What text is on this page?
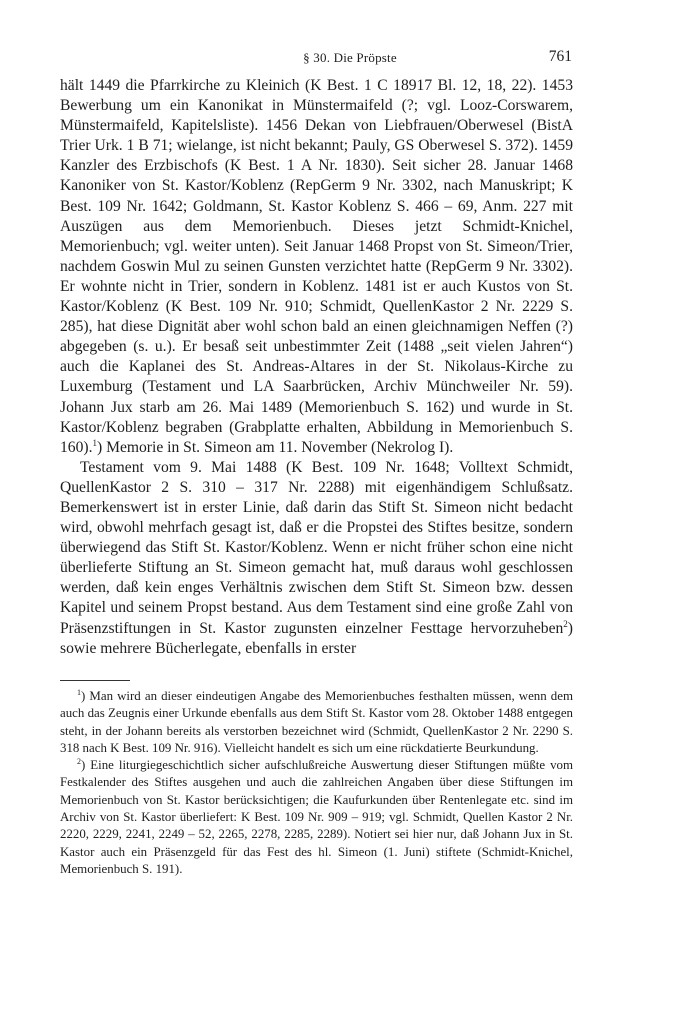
§ 30. Die Pröpste	761

hält 1449 die Pfarrkirche zu Kleinich (K Best. 1 C 18917 Bl. 12, 18, 22). 1453 Bewerbung um ein Kanonikat in Münstermaifeld (?; vgl. Looz-Corswarem, Münstermaifeld, Kapitelsliste). 1456 Dekan von Liebfrauen/Oberwesel (BistA Trier Urk. 1 B 71; wielange, ist nicht bekannt; Pauly, GS Oberwesel S. 372). 1459 Kanzler des Erzbischofs (K Best. 1 A Nr. 1830). Seit sicher 28. Januar 1468 Kanoniker von St. Kastor/Koblenz (RepGerm 9 Nr. 3302, nach Manuskript; K Best. 109 Nr. 1642; Goldmann, St. Kastor Koblenz S. 466 – 69, Anm. 227 mit Auszügen aus dem Memorienbuch. Dieses jetzt Schmidt-Knichel, Memorienbuch; vgl. weiter unten). Seit Januar 1468 Propst von St. Simeon/Trier, nachdem Goswin Mul zu seinen Gunsten verzichtet hatte (RepGerm 9 Nr. 3302). Er wohnte nicht in Trier, sondern in Koblenz. 1481 ist er auch Kustos von St. Kastor/Koblenz (K Best. 109 Nr. 910; Schmidt, QuellenKastor 2 Nr. 2229 S. 285), hat diese Dignität aber wohl schon bald an einen gleichnamigen Neffen (?) abgegeben (s. u.). Er besaß seit unbestimmter Zeit (1488 „seit vielen Jahren“) auch die Kaplanei des St. Andreas-Altares in der St. Nikolaus-Kirche zu Luxemburg (Testament und LA Saarbrücken, Archiv Münchweiler Nr. 59). Johann Jux starb am 26. Mai 1489 (Memorienbuch S. 162) und wurde in St. Kastor/Koblenz begraben (Grabplatte erhalten, Abbildung in Memorienbuch S. 160).$^1$) Memorie in St. Simeon am 11. November (Nekrolog I).

Testament vom 9. Mai 1488 (K Best. 109 Nr. 1648; Volltext Schmidt, QuellenKastor 2 S. 310 – 317 Nr. 2288) mit eigenhändigem Schlußsatz. Bemerkenswert ist in erster Linie, daß darin das Stift St. Simeon nicht bedacht wird, obwohl mehrfach gesagt ist, daß er die Propstei des Stiftes besitze, sondern überwiegend das Stift St. Kastor/Koblenz. Wenn er nicht früher schon eine nicht überlieferte Stiftung an St. Simeon gemacht hat, muß daraus wohl geschlossen werden, daß kein enges Verhältnis zwischen dem Stift St. Simeon bzw. dessen Kapitel und seinem Propst bestand. Aus dem Testament sind eine große Zahl von Präsenzstiftungen in St. Kastor zugunsten einzelner Festtage hervorzuheben$^2$) sowie mehrere Bücherlegate, ebenfalls in erster

$^1$) Man wird an dieser eindeutigen Angabe des Memorienbuches festhalten müssen, wenn dem auch das Zeugnis einer Urkunde ebenfalls aus dem Stift St. Kastor vom 28. Oktober 1488 entgegen steht, in der Johann bereits als verstorben bezeichnet wird (Schmidt, QuellenKastor 2 Nr. 2290 S. 318 nach K Best. 109 Nr. 916). Vielleicht handelt es sich um eine rückdatierte Beurkundung.

$^2$) Eine liturgiegeschichtlich sicher aufschlußreiche Auswertung dieser Stiftungen müßte vom Festkalender des Stiftes ausgehen und auch die zahlreichen Angaben über diese Stiftungen im Memorienbuch von St. Kastor berücksichtigen; die Kaufurkunden über Rentenlegate etc. sind im Archiv von St. Kastor überliefert: K Best. 109 Nr. 909 – 919; vgl. Schmidt, Quellen Kastor 2 Nr. 2220, 2229, 2241, 2249 – 52, 2265, 2278, 2285, 2289). Notiert sei hier nur, daß Johann Jux in St. Kastor auch ein Präsenzgeld für das Fest des hl. Simeon (1. Juni) stiftete (Schmidt-Knichel, Memorienbuch S. 191).
